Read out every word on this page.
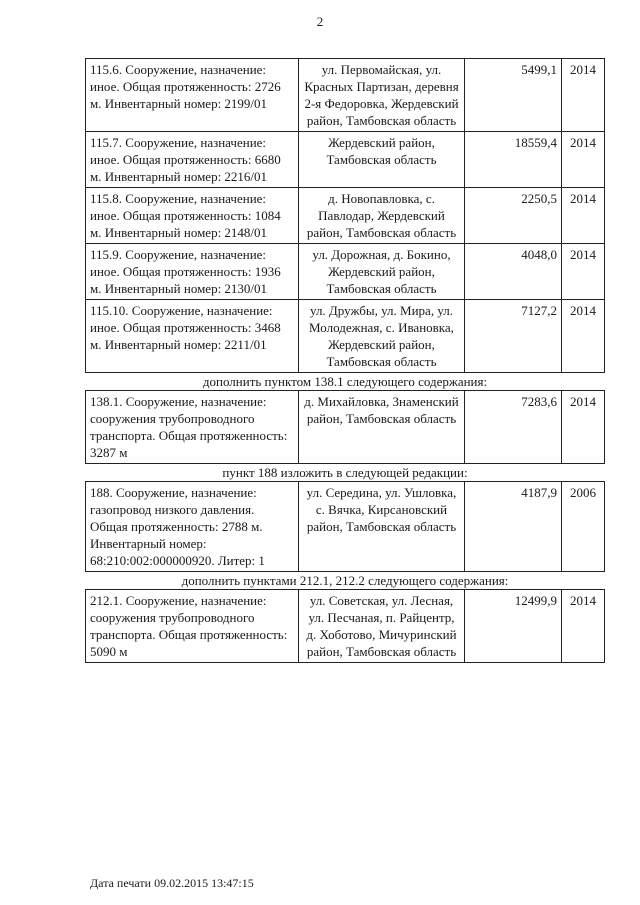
2
115.6. Сооружение, назначение: иное. Общая протяженность: 2726 м. Инвентарный номер: 2199/01	ул. Первомайская, ул. Красных Партизан, деревня 2-я Федоровка, Жердевский район, Тамбовская область	5499,1	2014
115.7. Сооружение, назначение: иное. Общая протяженность: 6680 м. Инвентарный номер: 2216/01	Жердевский район, Тамбовская область	18559,4	2014
115.8. Сооружение, назначение: иное. Общая протяженность: 1084 м. Инвентарный номер: 2148/01	д. Новопавловка, с. Павлодар, Жердевский район, Тамбовская область	2250,5	2014
115.9. Сооружение, назначение: иное. Общая протяженность: 1936 м. Инвентарный номер: 2130/01	ул. Дорожная, д. Бокино, Жердевский район, Тамбовская область	4048,0	2014
115.10. Сооружение, назначение: иное. Общая протяженность: 3468 м. Инвентарный номер: 2211/01	ул. Дружбы, ул. Мира, ул. Молодежная, с. Ивановка, Жердевский район, Тамбовская область	7127,2	2014
дополнить пунктом 138.1 следующего содержания:			
138.1. Сооружение, назначение: сооружения трубопроводного транспорта. Общая протяженность: 3287 м	д. Михайловка, Знаменский район, Тамбовская область	7283,6	2014
пункт 188 изложить в следующей редакции:			
188. Сооружение, назначение: газопровод низкого давления. Общая протяженность: 2788 м. Инвентарный номер: 68:210:002:000000920. Литер: 1	ул. Середина, ул. Ушловка, с. Вячка, Кирсановский район, Тамбовская область	4187,9	2006
дополнить пунктами 212.1, 212.2 следующего содержания:			
212.1. Сооружение, назначение: сооружения трубопроводного транспорта. Общая протяженность: 5090 м	ул. Советская, ул. Лесная, ул. Песчаная, п. Райцентр, д. Хоботово, Мичуринский район, Тамбовская область	12499,9	2014
Дата печати 09.02.2015 13:47:15
